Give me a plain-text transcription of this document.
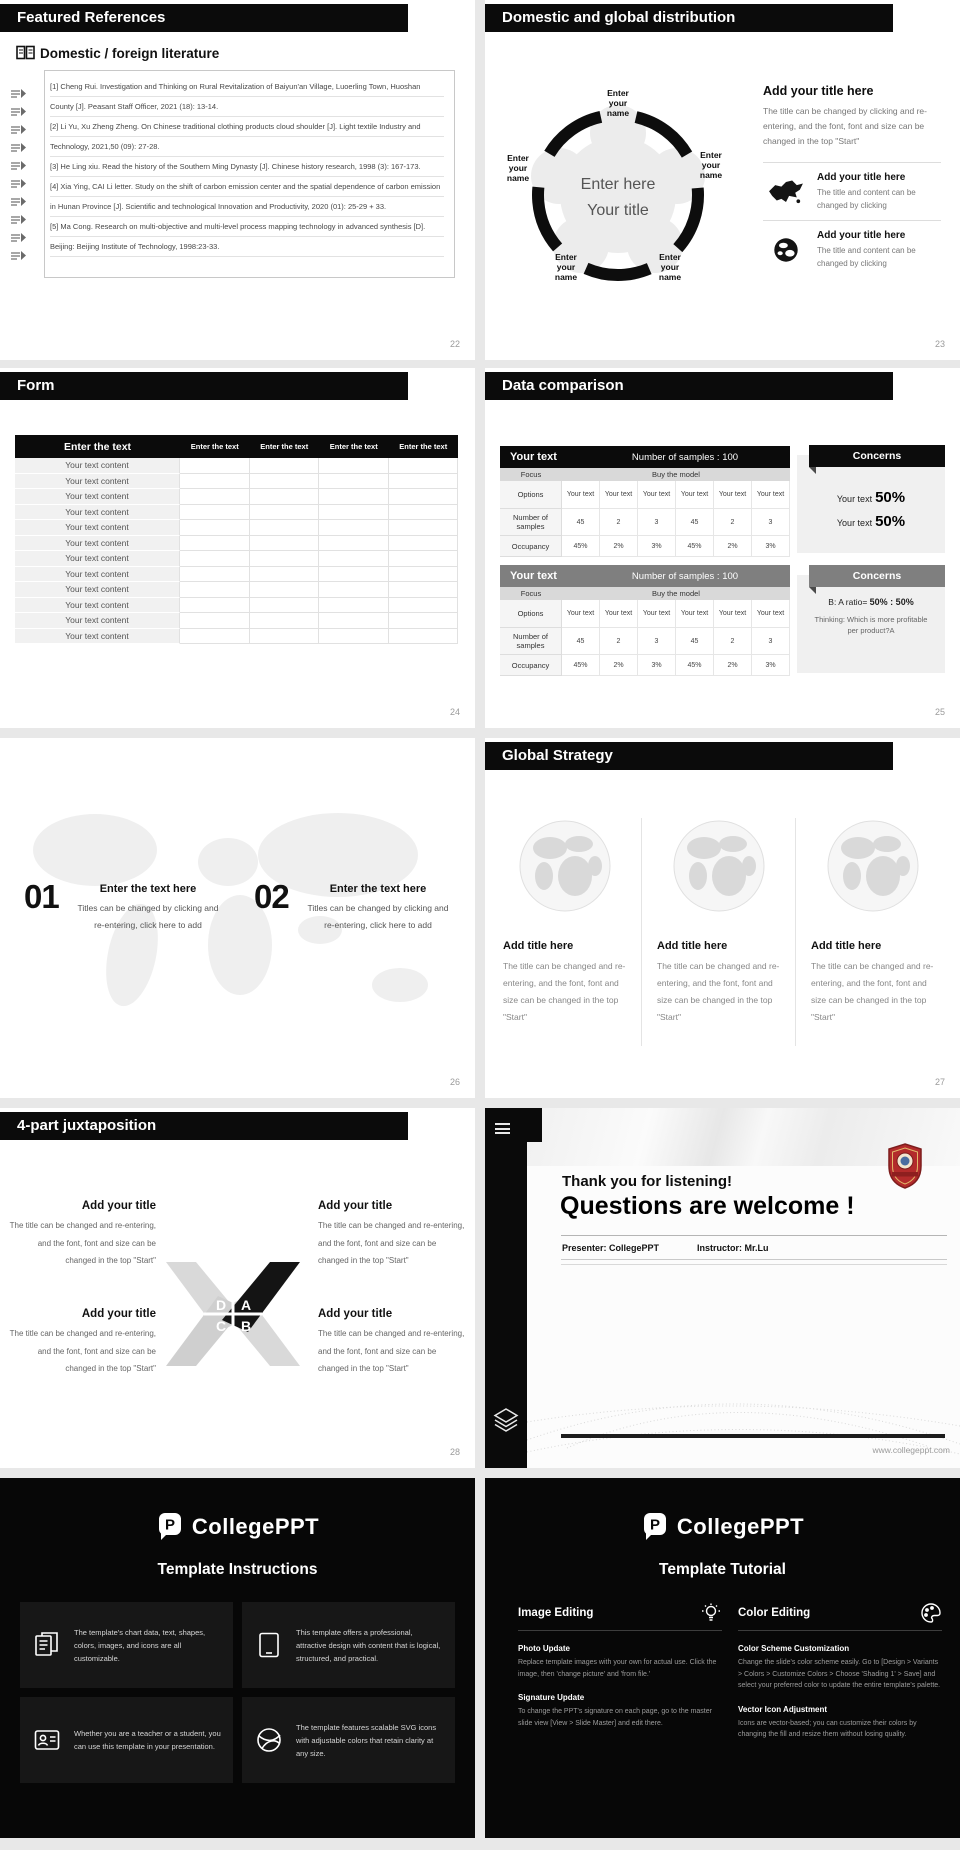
Featured References
Domestic / foreign literature
[1] Cheng Rui. Investigation and Thinking on Rural Revitalization of Baiyun'an Village, Luoerling Town, Huoshan County [J]. Peasant Staff Officer, 2021 (18): 13-14.
[2] Li Yu, Xu Zheng Zheng. On Chinese traditional clothing products cloud shoulder [J]. Light textile Industry and Technology, 2021,50 (09): 27-28.
[3] He Ling xiu. Read the history of the Southern Ming Dynasty [J]. Chinese history research, 1998 (3): 167-173.
[4] Xia Ying, CAI Li letter. Study on the shift of carbon emission center and the spatial dependence of carbon emission in Hunan Province [J]. Scientific and technological Innovation and Productivity, 2020 (01): 25-29 + 33.
[5] Ma Cong. Research on multi-objective and multi-level process mapping technology in advanced synthesis [D]. Beijing: Beijing Institute of Technology, 1998:23-33.
22
Domestic and global distribution
Enter here
Your title
Enter your name
Enter your name
Enter your name
Enter your name
Enter your name
Add your title here
The title can be changed by clicking and re-entering, and the font, font and size can be changed in the top "Start"
Add your title here
The title and content can be changed by clicking
Add your title here
The title and content can be changed by clicking
23
Form
Enter the text	Enter the text	Enter the text	Enter the text	Enter the text
Your text content
Your text content
Your text content
Your text content
Your text content
Your text content
Your text content
Your text content
Your text content
Your text content
Your text content
Your text content
24
Data comparison
Your text	Number of samples : 100
Focus	Buy the model
Options	Your text	Your text	Your text	Your text	Your text	Your text
Number of samples	45	2	3	45	2	3
Occupancy	45%	2%	3%	45%	2%	3%
Your text	Number of samples : 100
Focus	Buy the model
Options	Your text	Your text	Your text	Your text	Your text	Your text
Number of samples	45	2	3	45	2	3
Occupancy	45%	2%	3%	45%	2%	3%
Your text 50%
Your text 50%
Concerns
B: A ratio= 50% : 50%
Thinking: Which is more profitable per product?A
Concerns
25
01	Enter the text here
Titles can be changed by clicking and re-entering, click here to add
02	Enter the text here
Titles can be changed by clicking and re-entering, click here to add
26
Global Strategy
Add title here
The title can be changed and re-entering, and the font, font and size can be changed in the top "Start"
Add title here
The title can be changed and re-entering, and the font, font and size can be changed in the top "Start"
Add title here
The title can be changed and re-entering, and the font, font and size can be changed in the top "Start"
27
4-part juxtaposition
Add your title
The title can be changed and re-entering, and the font, font and size can be changed in the top "Start"
Add your title
The title can be changed and re-entering, and the font, font and size can be changed in the top "Start"
Add your title
The title can be changed and re-entering, and the font, font and size can be changed in the top "Start"
Add your title
The title can be changed and re-entering, and the font, font and size can be changed in the top "Start"
D A
C B
28
Thank you for listening!
Questions are welcome !
Presenter: CollegePPT	Instructor: Mr.Lu
www.collegeppt.com
P CollegePPT
Template Instructions
The template's chart data, text, shapes, colors, images, and icons are all customizable.
This template offers a professional, attractive design with content that is logical, structured, and practical.
Whether you are a teacher or a student, you can use this template in your presentation.
The template features scalable SVG icons with adjustable colors that retain clarity at any size.
P CollegePPT
Template Tutorial
Image Editing
Photo Update
Replace template images with your own for actual use. Click the image, then 'change picture' and 'from file.'
Signature Update
To change the PPT's signature on each page, go to the master slide view [View > Slide Master] and edit there.
Color Editing
Color Scheme Customization
Change the slide's color scheme easily. Go to [Design > Variants > Colors > Customize Colors > Choose 'Shading 1' > Save] and select your preferred color to update the entire template's palette.
Vector Icon Adjustment
Icons are vector-based; you can customize their colors by changing the fill and resize them without losing quality.
